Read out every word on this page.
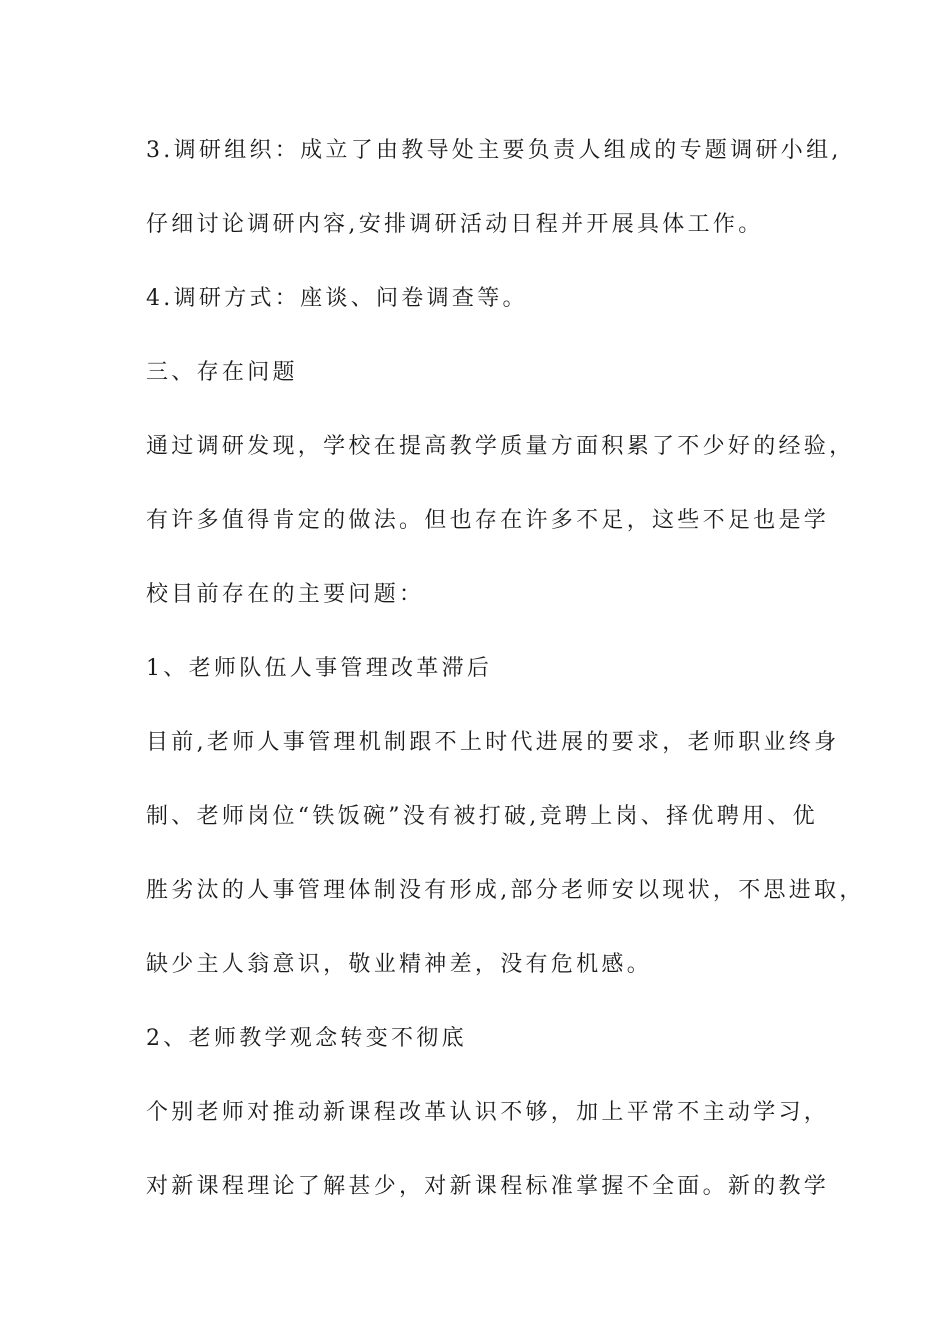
3.调研组织：成立了由教导处主要负责人组成的专题调研小组,
仔细讨论调研内容,安排调研活动日程并开展具体工作。
4.调研方式：座谈、问卷调查等。
三、存在问题
通过调研发现，学校在提高教学质量方面积累了不少好的经验，
有许多值得肯定的做法。但也存在许多不足，这些不足也是学
校目前存在的主要问题：
1、老师队伍人事管理改革滞后
目前,老师人事管理机制跟不上时代进展的要求，老师职业终身
制、老师岗位“铁饭碗”没有被打破,竞聘上岗、择优聘用、优
胜劣汰的人事管理体制没有形成,部分老师安以现状，不思进取，
缺少主人翁意识，敬业精神差，没有危机感。
2、老师教学观念转变不彻底
个别老师对推动新课程改革认识不够，加上平常不主动学习，
对新课程理论了解甚少，对新课程标准掌握不全面。新的教学
